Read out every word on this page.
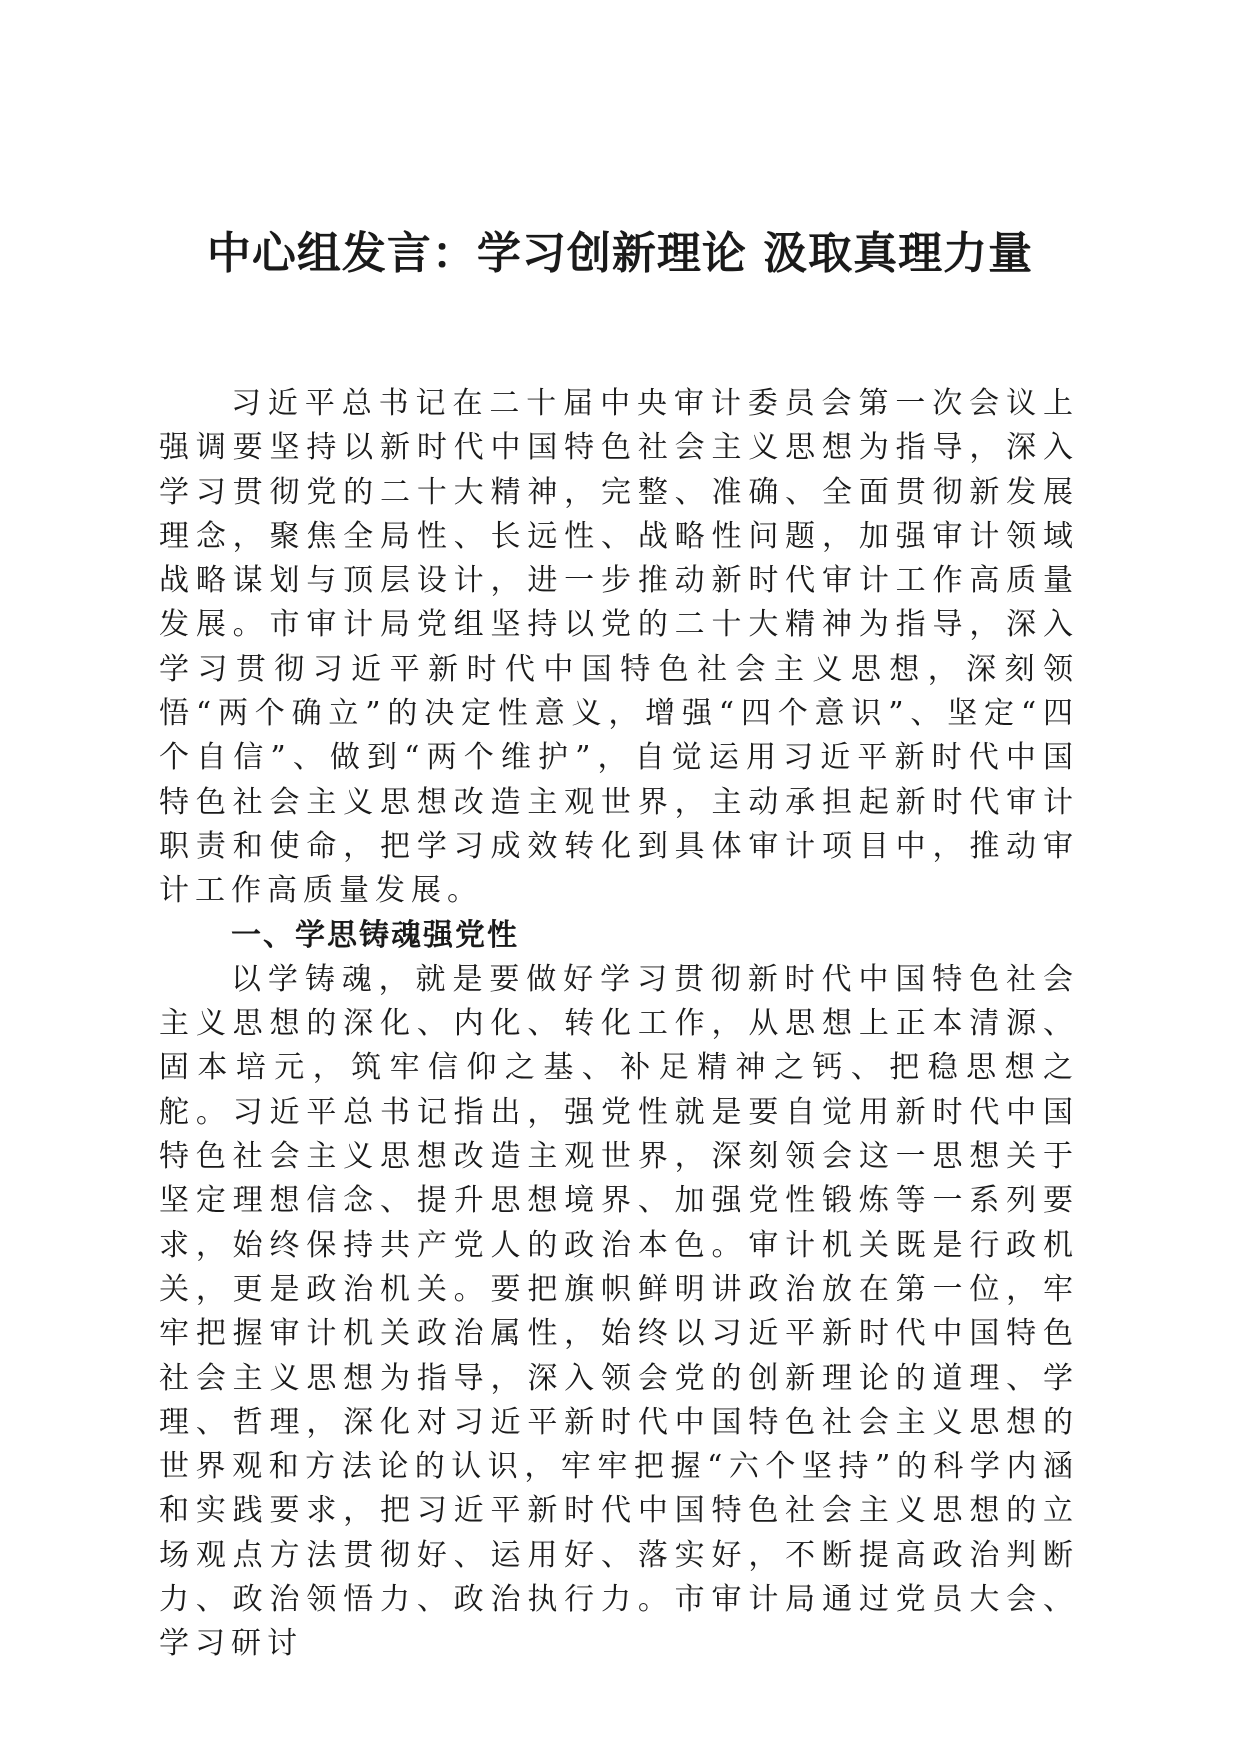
中心组发言：学习创新理论 汲取真理力量

习近平总书记在二十届中央审计委员会第一次会议上强调要坚持以新时代中国特色社会主义思想为指导，深入学习贯彻党的二十大精神，完整、准确、全面贯彻新发展理念，聚焦全局性、长远性、战略性问题，加强审计领域战略谋划与顶层设计，进一步推动新时代审计工作高质量发展。市审计局党组坚持以党的二十大精神为指导，深入学习贯彻习近平新时代中国特色社会主义思想，深刻领悟“两个确立”的决定性意义，增强“四个意识”、坚定“四个自信”、做到“两个维护”，自觉运用习近平新时代中国特色社会主义思想改造主观世界，主动承担起新时代审计职责和使命，把学习成效转化到具体审计项目中，推动审计工作高质量发展。

一、学思铸魂强党性

以学铸魂，就是要做好学习贯彻新时代中国特色社会主义思想的深化、内化、转化工作，从思想上正本清源、固本培元，筑牢信仰之基、补足精神之钙、把稳思想之舵。习近平总书记指出，强党性就是要自觉用新时代中国特色社会主义思想改造主观世界，深刻领会这一思想关于坚定理想信念、提升思想境界、加强党性锻炼等一系列要求，始终保持共产党人的政治本色。审计机关既是行政机关，更是政治机关。要把旗帜鲜明讲政治放在第一位，牢牢把握审计机关政治属性，始终以习近平新时代中国特色社会主义思想为指导，深入领会党的创新理论的道理、学理、哲理，深化对习近平新时代中国特色社会主义思想的世界观和方法论的认识，牢牢把握“六个坚持”的科学内涵和实践要求，把习近平新时代中国特色社会主义思想的立场观点方法贯彻好、运用好、落实好，不断提高政治判断力、政治领悟力、政治执行力。市审计局通过党员大会、学习研讨
